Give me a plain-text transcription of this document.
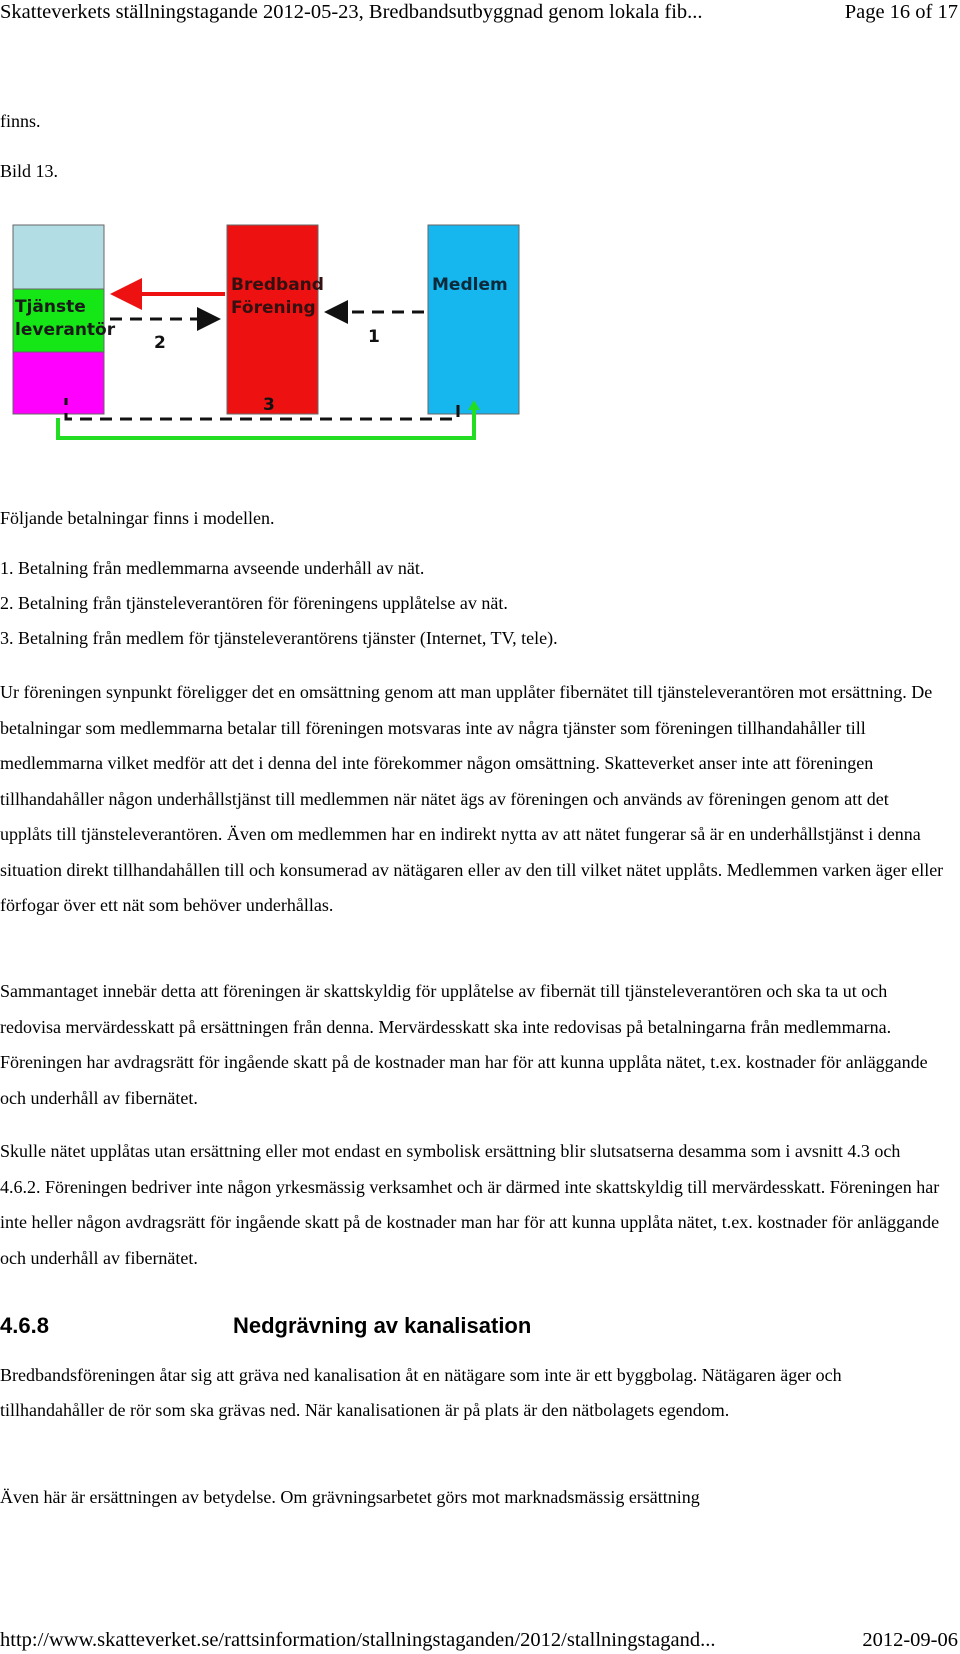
Skatteverkets ställningstagande 2012-05-23, Bredbandsutbyggnad genom lokala fib...	Page 16 of 17
finns.
Bild 13.
Tjänste
leverantör
Bredband
Förening
Medlem
2	1
3
Följande betalningar finns i modellen.
1. Betalning från medlemmarna avseende underhåll av nät.
2. Betalning från tjänsteleverantören för föreningens upplåtelse av nät.
3. Betalning från medlem för tjänsteleverantörens tjänster (Internet, TV, tele).

Ur föreningen synpunkt föreligger det en omsättning genom att man upplåter fibernätet till tjänsteleverantören mot ersättning. De betalningar som medlemmarna betalar till föreningen motsvaras inte av några tjänster som föreningen tillhandahåller till medlemmarna vilket medför att det i denna del inte förekommer någon omsättning. Skatteverket anser inte att föreningen tillhandahåller någon underhållstjänst till medlemmen när nätet ägs av föreningen och används av föreningen genom att det upplåts till tjänsteleverantören. Även om medlemmen har en indirekt nytta av att nätet fungerar så är en underhållstjänst i denna situation direkt tillhandahållen till och konsumerad av nätägaren eller av den till vilket nätet upplåts. Medlemmen varken äger eller förfogar över ett nät som behöver underhållas.

Sammantaget innebär detta att föreningen är skattskyldig för upplåtelse av fibernät till tjänsteleverantören och ska ta ut och redovisa mervärdesskatt på ersättningen från denna. Mervärdesskatt ska inte redovisas på betalningarna från medlemmarna. Föreningen har avdragsrätt för ingående skatt på de kostnader man har för att kunna upplåta nätet, t.ex. kostnader för anläggande och underhåll av fibernätet.

Skulle nätet upplåtas utan ersättning eller mot endast en symbolisk ersättning blir slutsatserna desamma som i avsnitt 4.3 och 4.6.2. Föreningen bedriver inte någon yrkesmässig verksamhet och är därmed inte skattskyldig till mervärdesskatt. Föreningen har inte heller någon avdragsrätt för ingående skatt på de kostnader man har för att kunna upplåta nätet, t.ex. kostnader för anläggande och underhåll av fibernätet.

4.6.8	Nedgrävning av kanalisation

Bredbandsföreningen åtar sig att gräva ned kanalisation åt en nätägare som inte är ett byggbolag. Nätägaren äger och tillhandahåller de rör som ska grävas ned. När kanalisationen är på plats är den nätbolagets egendom.

Även här är ersättningen av betydelse. Om grävningsarbetet görs mot marknadsmässig ersättning

http://www.skatteverket.se/rattsinformation/stallningstaganden/2012/stallningstagand...	2012-09-06
